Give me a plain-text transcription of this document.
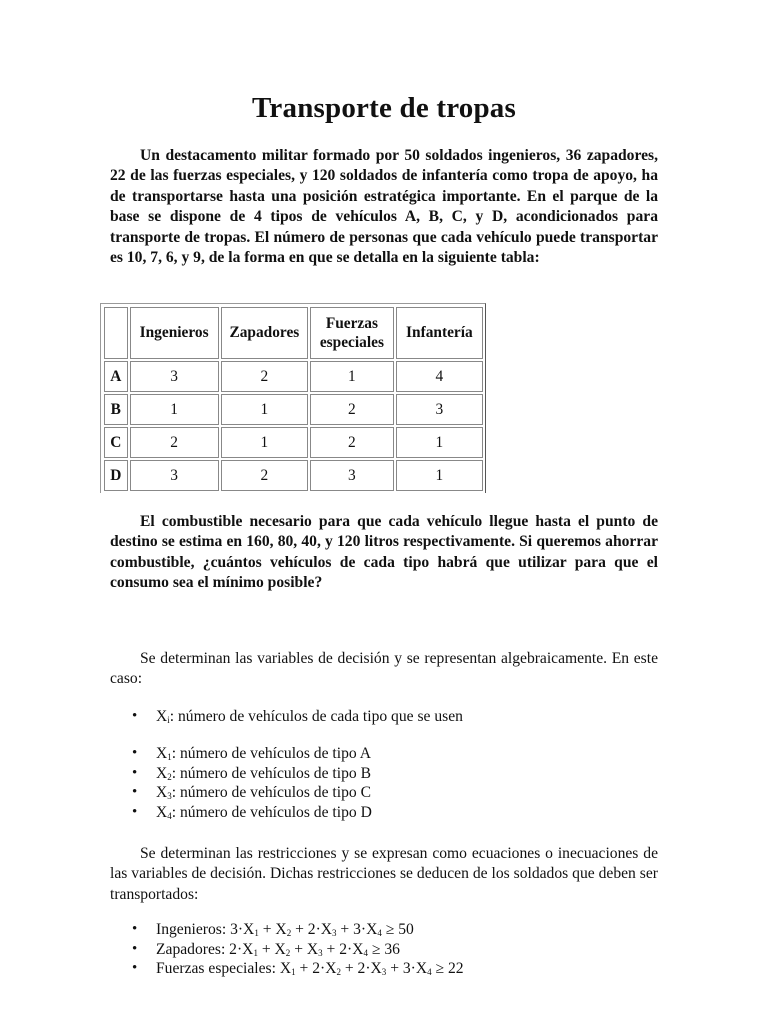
Transporte de tropas

Un destacamento militar formado por 50 soldados ingenieros, 36 zapadores, 22 de las fuerzas especiales, y 120 soldados de infantería como tropa de apoyo, ha de transportarse hasta una posición estratégica importante. En el parque de la base se dispone de 4 tipos de vehículos A, B, C, y D, acondicionados para transporte de tropas. El número de personas que cada vehículo puede transportar es 10, 7, 6, y 9, de la forma en que se detalla en la siguiente tabla:

	Ingenieros	Zapadores	Fuerzas especiales	Infantería
A	3	2	1	4
B	1	1	2	3
C	2	1	2	1
D	3	2	3	1

El combustible necesario para que cada vehículo llegue hasta el punto de destino se estima en 160, 80, 40, y 120 litros respectivamente. Si queremos ahorrar combustible, ¿cuántos vehículos de cada tipo habrá que utilizar para que el consumo sea el mínimo posible?

Se determinan las variables de decisión y se representan algebraicamente. En este caso:

• $X_i$: número de vehículos de cada tipo que se usen
• $X_1$: número de vehículos de tipo A
• $X_2$: número de vehículos de tipo B
• $X_3$: número de vehículos de tipo C
• $X_4$: número de vehículos de tipo D

Se determinan las restricciones y se expresan como ecuaciones o inecuaciones de las variables de decisión. Dichas restricciones se deducen de los soldados que deben ser transportados:

• Ingenieros: $3\cdot X_1 + X_2 + 2\cdot X_3 + 3\cdot X_4 \ge 50$
• Zapadores: $2\cdot X_1 + X_2 + X_3 + 2\cdot X_4 \ge 36$
• Fuerzas especiales: $X_1 + 2\cdot X_2 + 2\cdot X_3 + 3\cdot X_4 \ge 22$
